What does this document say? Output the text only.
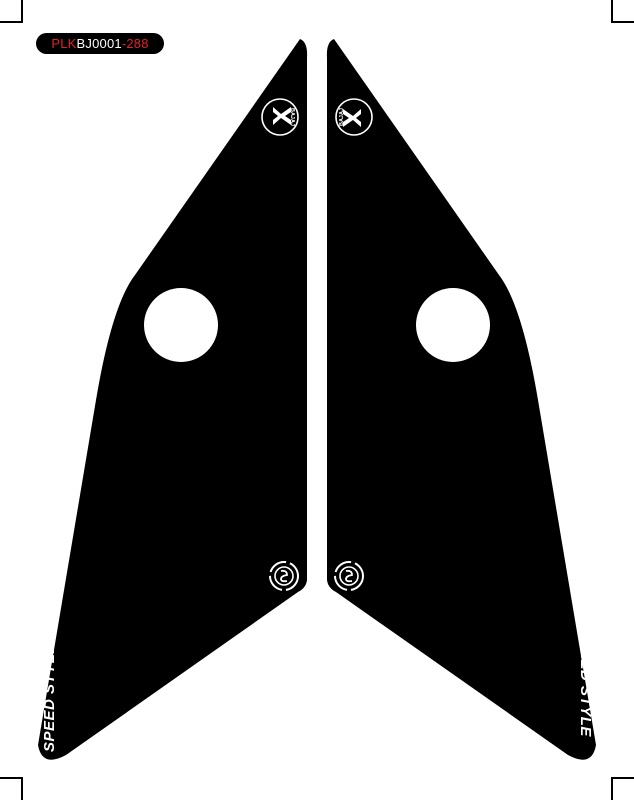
PLKBJ0001-288
BAJAJ	BAJAJ
SPEED STYLE	SPEED STYLE
